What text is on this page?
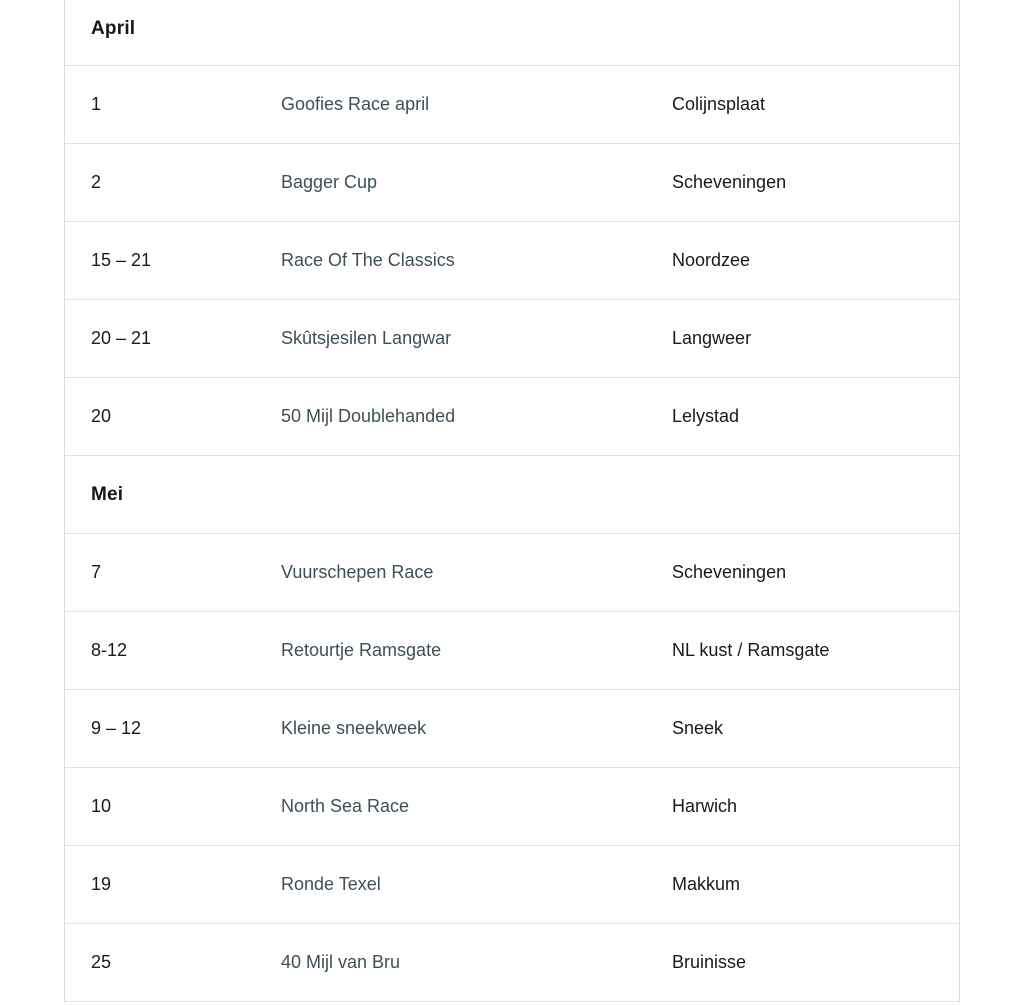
April
1	Goofies Race april	Colijnsplaat
2	Bagger Cup	Scheveningen
15 – 21	Race Of The Classics	Noordzee
20 – 21	Skûtsjesilen Langwar	Langweer
20	50 Mijl Doublehanded	Lelystad
Mei
7	Vuurschepen Race	Scheveningen
8-12	Retourtje Ramsgate	NL kust / Ramsgate
9 – 12	Kleine sneekweek	Sneek
10	North Sea Race	Harwich
19	Ronde Texel	Makkum
25	40 Mijl van Bru	Bruinisse
